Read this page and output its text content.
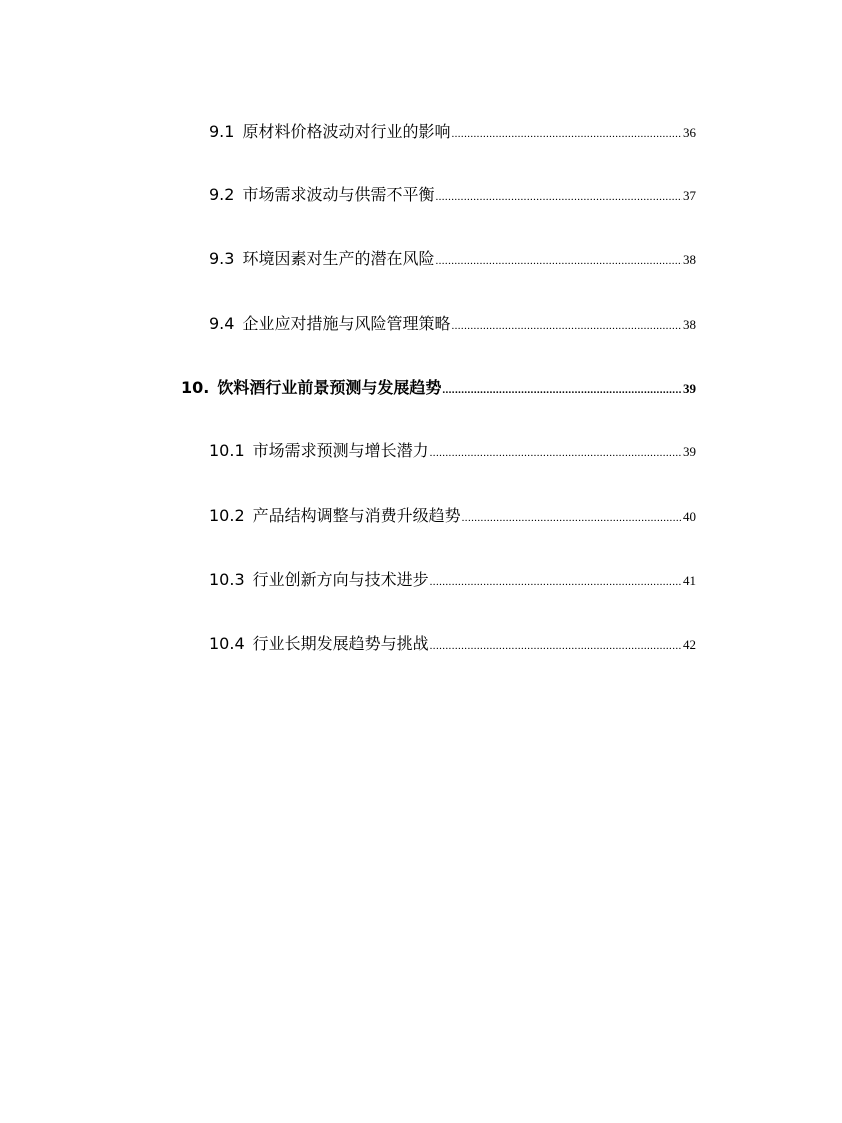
9.1 原材料价格波动对行业的影响 .....	36
9.2 市场需求波动与供需不平衡 .....	37
9.3 环境因素对生产的潜在风险 .....	38
9.4 企业应对措施与风险管理策略 .....	38
10. 饮料酒行业前景预测与发展趋势 .....	39
10.1 市场需求预测与增长潜力 .....	39
10.2 产品结构调整与消费升级趋势 .....	40
10.3 行业创新方向与技术进步 .....	41
10.4 行业长期发展趋势与挑战 .....	42
